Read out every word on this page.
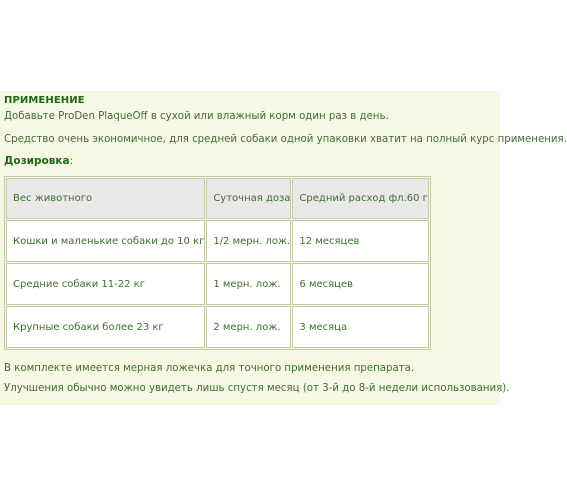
ПРИМЕНЕНИЕ
Добавьте ProDen PlaqueOff в сухой или влажный корм один раз в день.
Средство очень экономичное, для средней собаки одной упаковки хватит на полный курс применения.
Дозировка:
Вес животного	Суточная доза	Средний расход фл.60 г
Кошки и маленькие собаки до 10 кг	1/2 мерн. лож.	12 месяцев
Средние собаки 11-22 кг	1 мерн. лож.	6 месяцев
Крупные собаки более 23 кг	2 мерн. лож.	3 месяца
В комплекте имеется мерная ложечка для точного применения препарата.
Улучшения обычно можно увидеть лишь спустя месяц (от 3-й до 8-й недели использования).
